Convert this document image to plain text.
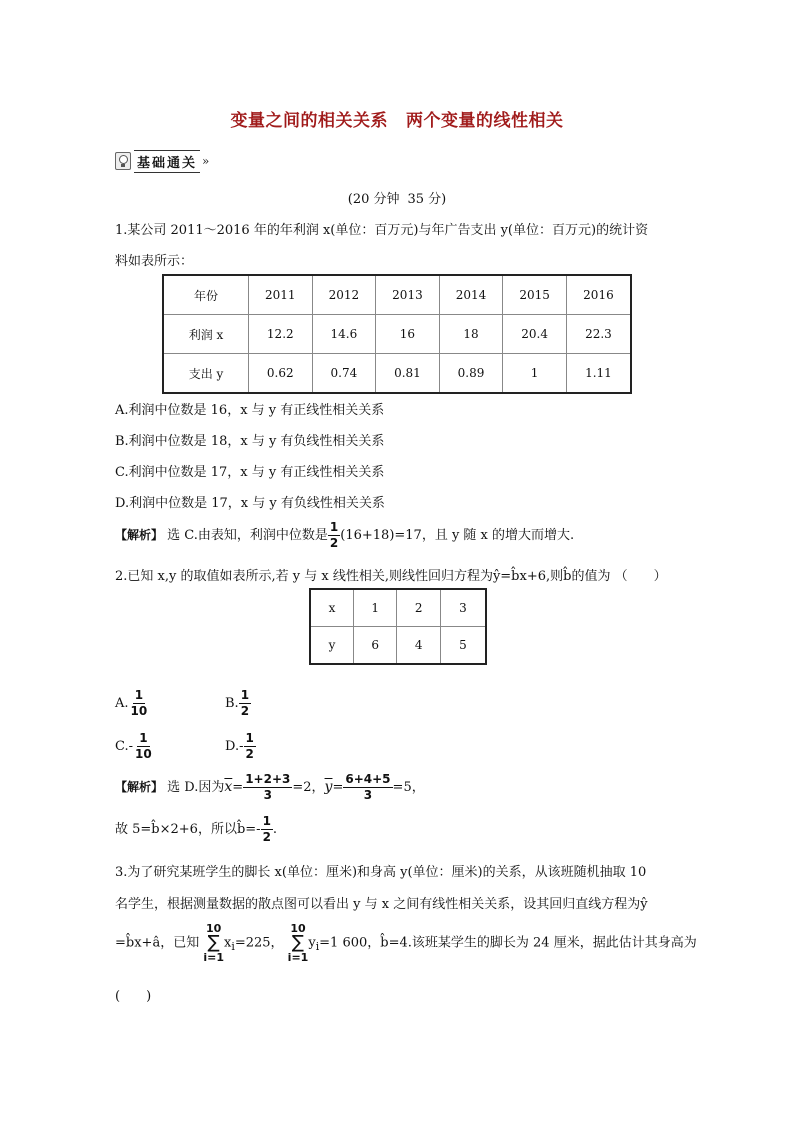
变量之间的相关关系 两个变量的线性相关
基础通关 »
(20 分钟 35 分)
1.某公司 2011～2016 年的年利润 x(单位：百万元)与年广告支出 y(单位：百万元)的统计资
料如表所示：
年份	2011	2012	2013	2014	2015	2016
利润 x	12.2	14.6	16	18	20.4	22.3
支出 y	0.62	0.74	0.81	0.89	1	1.11
A.利润中位数是 16，x 与 y 有正线性相关关系
B.利润中位数是 18，x 与 y 有负线性相关关系
C.利润中位数是 17，x 与 y 有正线性相关关系
D.利润中位数是 17，x 与 y 有负线性相关关系
【解析】 选 C.由表知，利润中位数是 $\frac{1}{2} (16+18)=17$，且 y 随 x 的增大而增大.
2.已知 x,y 的取值如表所示,若 y 与 x 线性相关,则线性回归方程为ŷ=b̂x+6,则b̂的值为 （　　）
x	1	2	3
y	6	4	5
A. $\frac{1}{10}$	B. $\frac{1}{2}$
$C.- \frac{1}{10}$	$D.- \frac{1}{2}$
【解析】 选 D.因为$\overline{x}= \frac{1+2+3}{3} =2$，$\overline{y}= \frac{6+4+5}{3} =5$，
故 5=b̂×2+6，所以b̂=- $\frac{1}{2}$ .
3.为了研究某班学生的脚长 x(单位：厘米)和身高 y(单位：厘米)的关系，从该班随机抽取 10
名学生，根据测量数据的散点图可以看出 y 与 x 之间有线性相关关系，设其回归直线方程为ŷ
=b̂x+â，已知
10
∑
i=1
$x_i=225$，
10
∑
i=1
$y_i=1$ 600，b̂=4.该班某学生的脚长为 24 厘米，据此估计其身高为
(　　)
